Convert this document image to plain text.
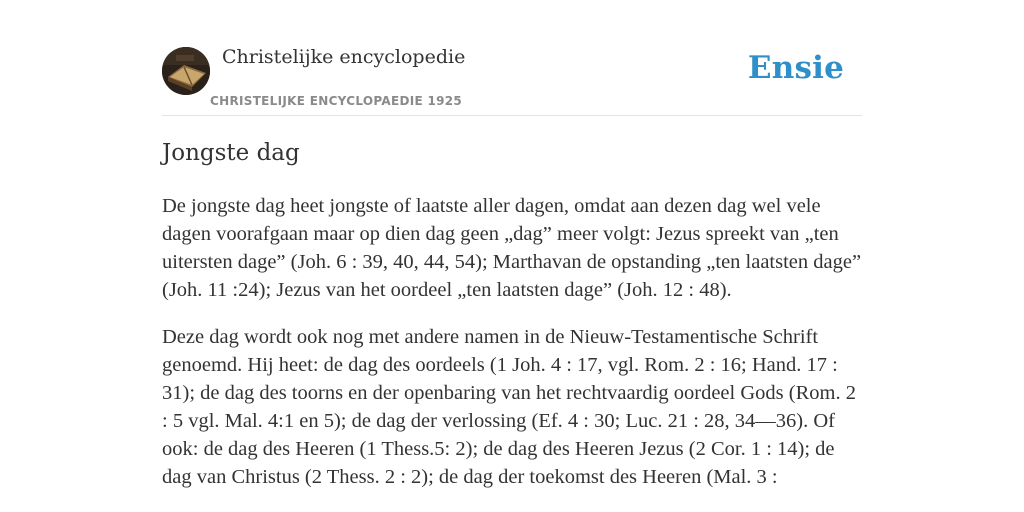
Christelijke encyclopedie
CHRISTELIJKE ENCYCLOPAEDIE 1925
Ensie
Jongste dag

De jongste dag heet jongste of laatste aller dagen, omdat aan dezen dag wel vele dagen voorafgaan maar op dien dag geen „dag” meer volgt: Jezus spreekt van „ten uitersten dage” (Joh. 6 : 39, 40, 44, 54); Marthavan de opstanding „ten laatsten dage” (Joh. 11 :24); Jezus van het oordeel „ten laatsten dage” (Joh. 12 : 48).

Deze dag wordt ook nog met andere namen in de Nieuw-Testamentische Schrift genoemd. Hij heet: de dag des oordeels (1 Joh. 4 : 17, vgl. Rom. 2 : 16; Hand. 17 : 31); de dag des toorns en der openbaring van het rechtvaardig oordeel Gods (Rom. 2 : 5 vgl. Mal. 4:1 en 5); de dag der verlossing (Ef. 4 : 30; Luc. 21 : 28, 34—36). Of ook: de dag des Heeren (1 Thess.5: 2); de dag des Heeren Jezus (2 Cor. 1 : 14); de dag van Christus (2 Thess. 2 : 2); de dag der toekomst des Heeren (Mal. 3 :
